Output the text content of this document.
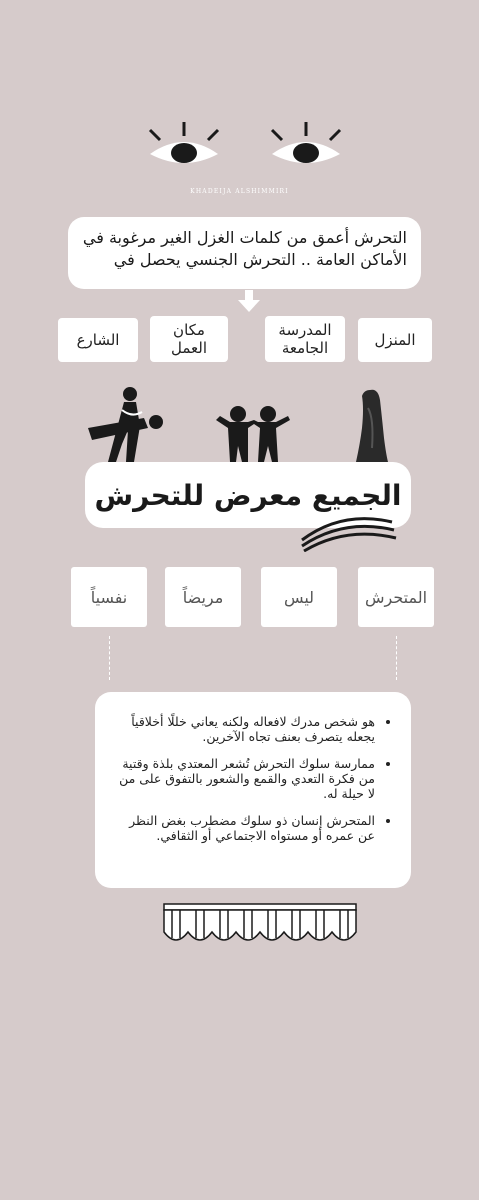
KHADEIJA ALSHIMMIRI
التحرش أعمق من كلمات الغزل الغير مرغوبة في الأماكن العامة .. التحرش الجنسي يحصل في
المنزل
المدرسة الجامعة
مكان العمل
الشارع
الجميع معرض للتحرش
المتحرش
ليس
مريضاً
نفسياً
• هو شخص مدرك لافعاله ولكنه يعاني خللًا أخلاقياً يجعله يتصرف بعنف تجاه الآخرين.
• ممارسة سلوك التحرش تُشعر المعتدي بلذة وقتية من فكرة التعدي والقمع والشعور بالتفوق على من لا حيلة له.
• المتحرش إنسان ذو سلوك مضطرب بغض النظر عن عمره أو مستواه الاجتماعي أو الثقافي.
